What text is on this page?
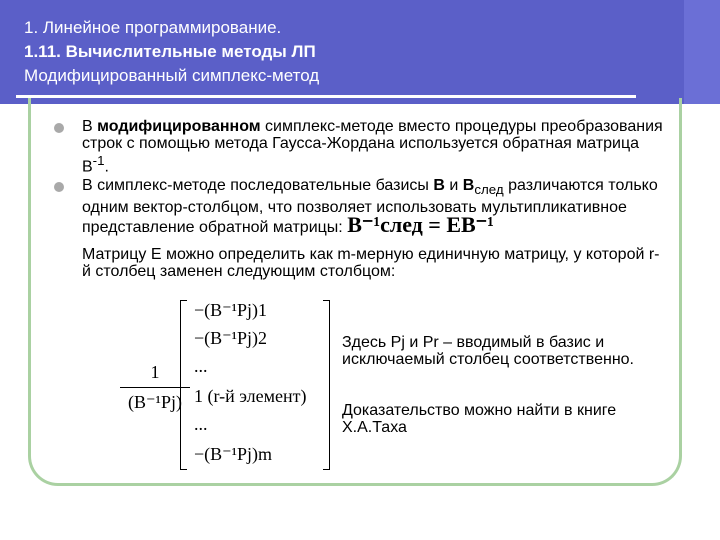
1. Линейное программирование.
1.11. Вычислительные методы ЛП
Модифицированный симплекс-метод
В модифицированном симплекс-методе вместо процедуры преобразования строк с помощью метода Гаусса-Жордана используется обратная матрица $В^{-1}$.
В симплекс-методе последовательные базисы В и $В_{след}$ различаются только одним вектор-столбцом, что позволяет использовать мультипликативное представление обратной матрицы: B⁻¹след = EB⁻¹
Матрицу Е можно определить как m-мерную единичную матрицу, у которой r-й столбец заменен следующим столбцом:
1
(B⁻¹Pj)
−(B⁻¹Pj)1
−(B⁻¹Pj)2
...
1 (r-й элемент)
...
−(B⁻¹Pj)m
Здесь Рj и Рr – вводимый в базис и исключаемый столбец соответственно.
Доказательство можно найти в книге Х.А.Таха
